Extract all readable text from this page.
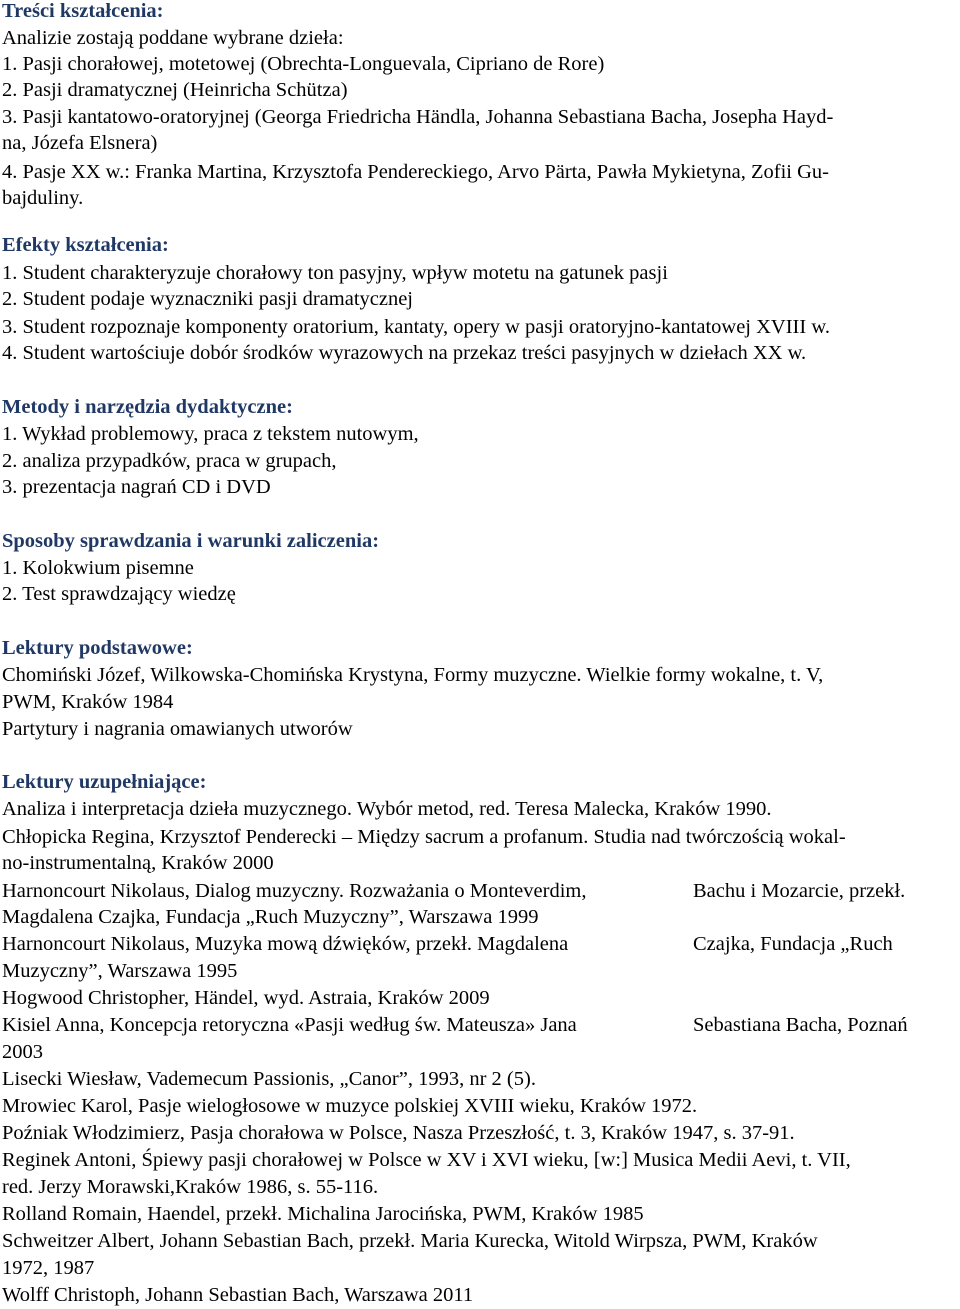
Treści kształcenia:
Analizie zostają poddane wybrane dzieła:
1. Pasji chorałowej, motetowej (Obrechta-Longuevala, Cipriano de Rore)
2. Pasji dramatycznej (Heinricha Schütza)
3. Pasji kantatowo-oratoryjnej (Georga Friedricha Händla, Johanna Sebastiana Bacha, Josepha Hayd-
na, Józefa Elsnera)
4. Pasje XX w.: Franka Martina, Krzysztofa Pendereckiego, Arvo Pärta, Pawła Mykietyna, Zofii Gu-
bajduliny.
Efekty kształcenia:
1. Student charakteryzuje chorałowy ton pasyjny, wpływ motetu na gatunek pasji
2. Student podaje wyznaczniki pasji dramatycznej
3. Student rozpoznaje komponenty oratorium, kantaty, opery w pasji oratoryjno-kantatowej XVIII w.
4. Student wartościuje dobór środków wyrazowych na przekaz treści pasyjnych w dziełach XX w.
Metody i narzędzia dydaktyczne:
1. Wykład problemowy, praca z tekstem nutowym,
2. analiza przypadków, praca w grupach,
3. prezentacja nagrań CD i DVD
Sposoby sprawdzania i warunki zaliczenia:
1. Kolokwium pisemne
2. Test sprawdzający wiedzę
Lektury podstawowe:
Chomiński Józef, Wilkowska-Chomińska Krystyna, Formy muzyczne. Wielkie formy wokalne, t. V,
PWM, Kraków 1984
Partytury i nagrania omawianych utworów
Lektury uzupełniające:
Analiza i interpretacja dzieła muzycznego. Wybór metod, red. Teresa Malecka, Kraków 1990.
Chłopicka Regina, Krzysztof Penderecki – Między sacrum a profanum. Studia nad twórczością wokal-
no-instrumentalną, Kraków 2000
Harnoncourt Nikolaus, Dialog muzyczny. Rozważania o Monteverdim,	Bachu i Mozarcie, przekł.
Magdalena Czajka, Fundacja „Ruch Muzyczny”, Warszawa 1999
Harnoncourt Nikolaus, Muzyka mową dźwięków, przekł. Magdalena	Czajka, Fundacja „Ruch
Muzyczny”, Warszawa 1995
Hogwood Christopher, Händel, wyd. Astraia, Kraków 2009
Kisiel Anna, Koncepcja retoryczna «Pasji według św. Mateusza» Jana	Sebastiana Bacha, Poznań
2003
Lisecki Wiesław, Vademecum Passionis, „Canor”, 1993, nr 2 (5).
Mrowiec Karol, Pasje wielogłosowe w muzyce polskiej XVIII wieku, Kraków 1972.
Poźniak Włodzimierz, Pasja chorałowa w Polsce, Nasza Przeszłość, t. 3, Kraków 1947, s. 37-91.
Reginek Antoni, Śpiewy pasji chorałowej w Polsce w XV i XVI wieku, [w:] Musica Medii Aevi, t. VII,
red. Jerzy Morawski,Kraków 1986, s. 55-116.
Rolland Romain, Haendel, przekł. Michalina Jarocińska, PWM, Kraków 1985
Schweitzer Albert, Johann Sebastian Bach, przekł. Maria Kurecka, Witold Wirpsza, PWM, Kraków
1972, 1987
Wolff Christoph, Johann Sebastian Bach, Warszawa 2011
